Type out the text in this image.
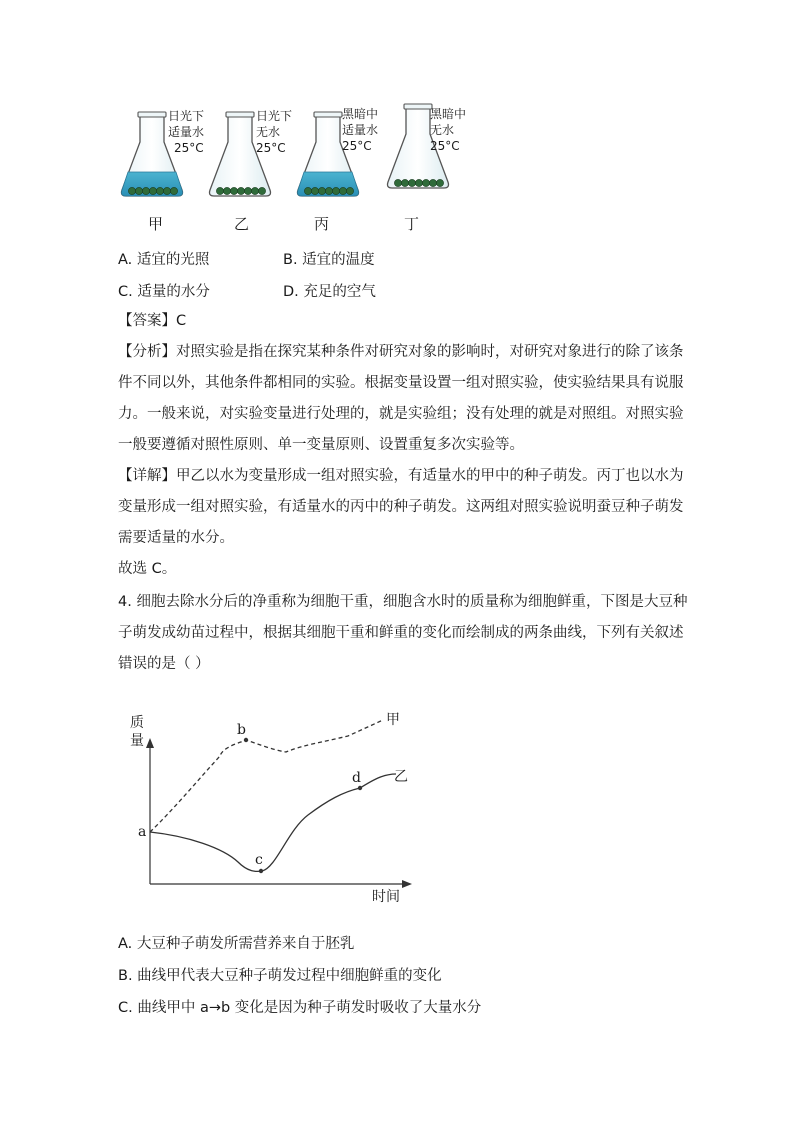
日光下
适量水
25°C
日光下
无水
25°C
黑暗中
适量水
25°C
黑暗中
无水
25°C
甲	乙	丙	丁
A. 适宜的光照	B. 适宜的温度
C. 适量的水分	D. 充足的空气
【答案】C
【分析】对照实验是指在探究某种条件对研究对象的影响时，对研究对象进行的除了该条
件不同以外，其他条件都相同的实验。根据变量设置一组对照实验，使实验结果具有说服
力。一般来说，对实验变量进行处理的，就是实验组；没有处理的就是对照组。对照实验
一般要遵循对照性原则、单一变量原则、设置重复多次实验等。
【详解】甲乙以水为变量形成一组对照实验，有适量水的甲中的种子萌发。丙丁也以水为
变量形成一组对照实验，有适量水的丙中的种子萌发。这两组对照实验说明蚕豆种子萌发
需要适量的水分。
故选 C。
4. 细胞去除水分后的净重称为细胞干重，细胞含水时的质量称为细胞鲜重，下图是大豆种
子萌发成幼苗过程中，根据其细胞干重和鲜重的变化而绘制成的两条曲线，下列有关叙述
错误的是（ ）
质
量
时间
甲
乙
a
b
c
d
A. 大豆种子萌发所需营养来自于胚乳
B. 曲线甲代表大豆种子萌发过程中细胞鲜重的变化
C. 曲线甲中 a→b 变化是因为种子萌发时吸收了大量水分
